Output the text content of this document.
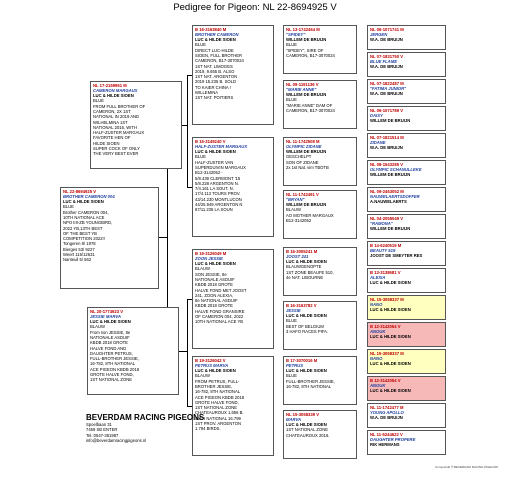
Pedigree for Pigeon: NL 22-8694925 V
NL 22-8694925 V
BROTHER CAMERON 004
LUC & HILDE SIOEN
BLUE
Brother CAMERON 004,
10TH NATIONAL ACE
NPO IIII-ZB YOUNGBIRD,
2022 YB,13TH BEST
OF THE BEST YB
COMPETITION 2022!!
Tongeren 8/ 1978
Bierges 53/ 9227
Weert 115/12631
Nanteuil 5/ 562
NL 17-2159951 M
CAMERON MARGAUX
LUC & HILDE SIOEN
BLUE
FROM FULL BROTHER OF
CAMERON, 2X 1ST
NATIONAL IN 2019 AND
WILHELMINA 1ST
NATIONAL 2016, WITH
HALF-ZUSTER MARGAUX
FAVORITE HEN OF
HILDE SIOEN
SUPER COCK OF ONLY
THE VERY BEST EVER
NL 20-1774923 V
JESSIE MARVA
LUC & HILDE SIOEN
BLAUW
From son JESSIE, 8e
NATIONALE ASDUIF
KBDB 2018 GROTE
HALVE FOND AND
DAUGHTER PETRUS,
FULL-BROTHER JESSIE,
16-782, 8TH NATIONAL
ACE PIGEON KBDB 2018
GROTE HALVE FOND,
1ST NATIONAL ZONE
B 16-3163840 M
BROTHER CAMERON
LUC & HILDE SIOEN
BLUE
DIRECT LUC-HILDE
SIOEN, FULL BROTHER
CAMERON, B17-3070024
1ST NAT. LIMOGES
2019, 9.655 B. ALSO
1ST NAT. ARGENTON
2019 15.235 B. SOLD
TO KAIER CHINA !
WILLEMINA
1ST NAT. POITIERS
B 15-3149240 V
HALF-ZUSTER MARGAUX
LUC & HILDE SIOEN
BLUE
HALF-ZUSTER VAN
SUPERDUIVIN MARGAUX
B12-3142052 -
5/8.439 CLERMONT '15
5/8.228 ARGENTON N.
7/4.161 LA SOUT. N.
17/4.113 TOURS PROV.
43/14.230 MONTLUCON
44/25.949 ARGENTON N
87/11.235 LA SOUN
B 19-3126049 M
ZOON JESSIE
LUC & HILDE SIOEN
BLAUW
SON JESSIE, 8e
NATIONALE ASDUIF
KBDB 2018 GROTE
HALVE FOND MET JOOST
241, ZOON ALEXIA,
8e NATIONAL ASDUIF
KBDB 2018 GROTE
HALVE FOND GRANSIRE
OF CAMERON 004, 2022
10TH NATIONAL ACE YB
B 19-3126042 V
PETRUS MARVA
LUC & HILDE SIOEN
BLAUW
FROM PETRUS, FULL-
BROTHER JESSIE,
16-782, 8TH NATIONAL
ACE PIGEON KBDB 2018
GROTE HALVE FOND,
1ST NATIONAL ZONE
CHATEAUROUX 1.656 B.
59TH NATIONAL 16.799
1ST PROV. ARGENTON
1.794 BIRDS.
NL 13-1742464 M
"SPIDEY"
WILLEM DE BRUIJN
BLUE
"SPIDEY", SIRE OF
CAMERON, B17-3070024
NL 09-1191136 V
"MARIE ANNE"
WILLEM DE BRUIJN
BLUE
"MARIE ANNE" DAM OF
CAMERON, B17-3070024
NL 11-1742508 M
OLYMPIC ZIDANE
WILLEM DE BRUIJN
GESCHELPT
SON OF ZIDANE
2x 1st Nat. vim TBOTB
NL 11-1742491 V
"BRYAN"
WILLEM DE BRUIJN
BLAUW
AO MOTHER MARGAUX
B12-3142052
B 16-3005241 M
JOOST 241
LUC & HILDE SIOEN
BLAUWGENOPTE
1ST ZONE BEAUFE 510,
4e NAT. LIBOURNE
B 16-3163782 V
JESSIE
LUC & HILDE SIOEN
BLUE
BEST OF BELGIUM
3 HAFO RACES PIFA.
B 17-3070016 M
PETRUS
LUC & HILDE SIOEN
BLUE
FULL-BROTHER JESSIE,
16-782, 8TH NATIONAL
NL 15-3058339 V
MARVA
LUC & HILDE SIOEN
1ST NATIONAL ZONE
CHATEAUROUX 2016.
NL 06-1071741 M
JERGEN
W.A. DE BRUIJN
NL 07-1831750 V
BLUE FLAME
W.A. DE BRUIJN
NL 07-1822487 M
"FATIMA JUNIOR"
W.A. DE BRUIJN
NL 06-1071789 V
DAISY
WILLEM DE BRUIJN
NL 07-1821514 M
ZIDANE
W.A. DE BRUIJN
NL 08-1543285 V
OLYMPIC SCHANULLEKE
WILLEM DE BRUIJN
NL 09-2463052 M
NAUWELAERTSDOFFER
A.NAUWELAERTS
NL 04-2055049 V
"RAMONA"
WILLEM DE BRUIJN
B 14-6240519 M
BEAUTY 519
JOOST DE SMEYTER RES
B 13-3138681 V
ALEXIA
LUC & HILDE SIOEN
NL 15-3058337 M
NANO
LUC & HILDE SIOEN
B 12-3142054 V
ANOUK
LUC & HILDE SIOEN
NL 15-3058337 M
NANO
LUC & HILDE SIOEN
B 12-3142054 V
ANOUK
LUC & HILDE SIOEN
NL 11-1742477 M
YOUNG APOLLO
W.A. DE BRUIJN
NL 11-5244622 V
DAUGHTER PROPERE
RIK HERMANS
BEVERDAM RACING PIGEONS
Spoelbaan 31
7459 SB ENTER
Tel.:0547-381987
info@beverdamracingpigeons.nl
Compuclub ® BEVERDAM RACING PIGEONS
